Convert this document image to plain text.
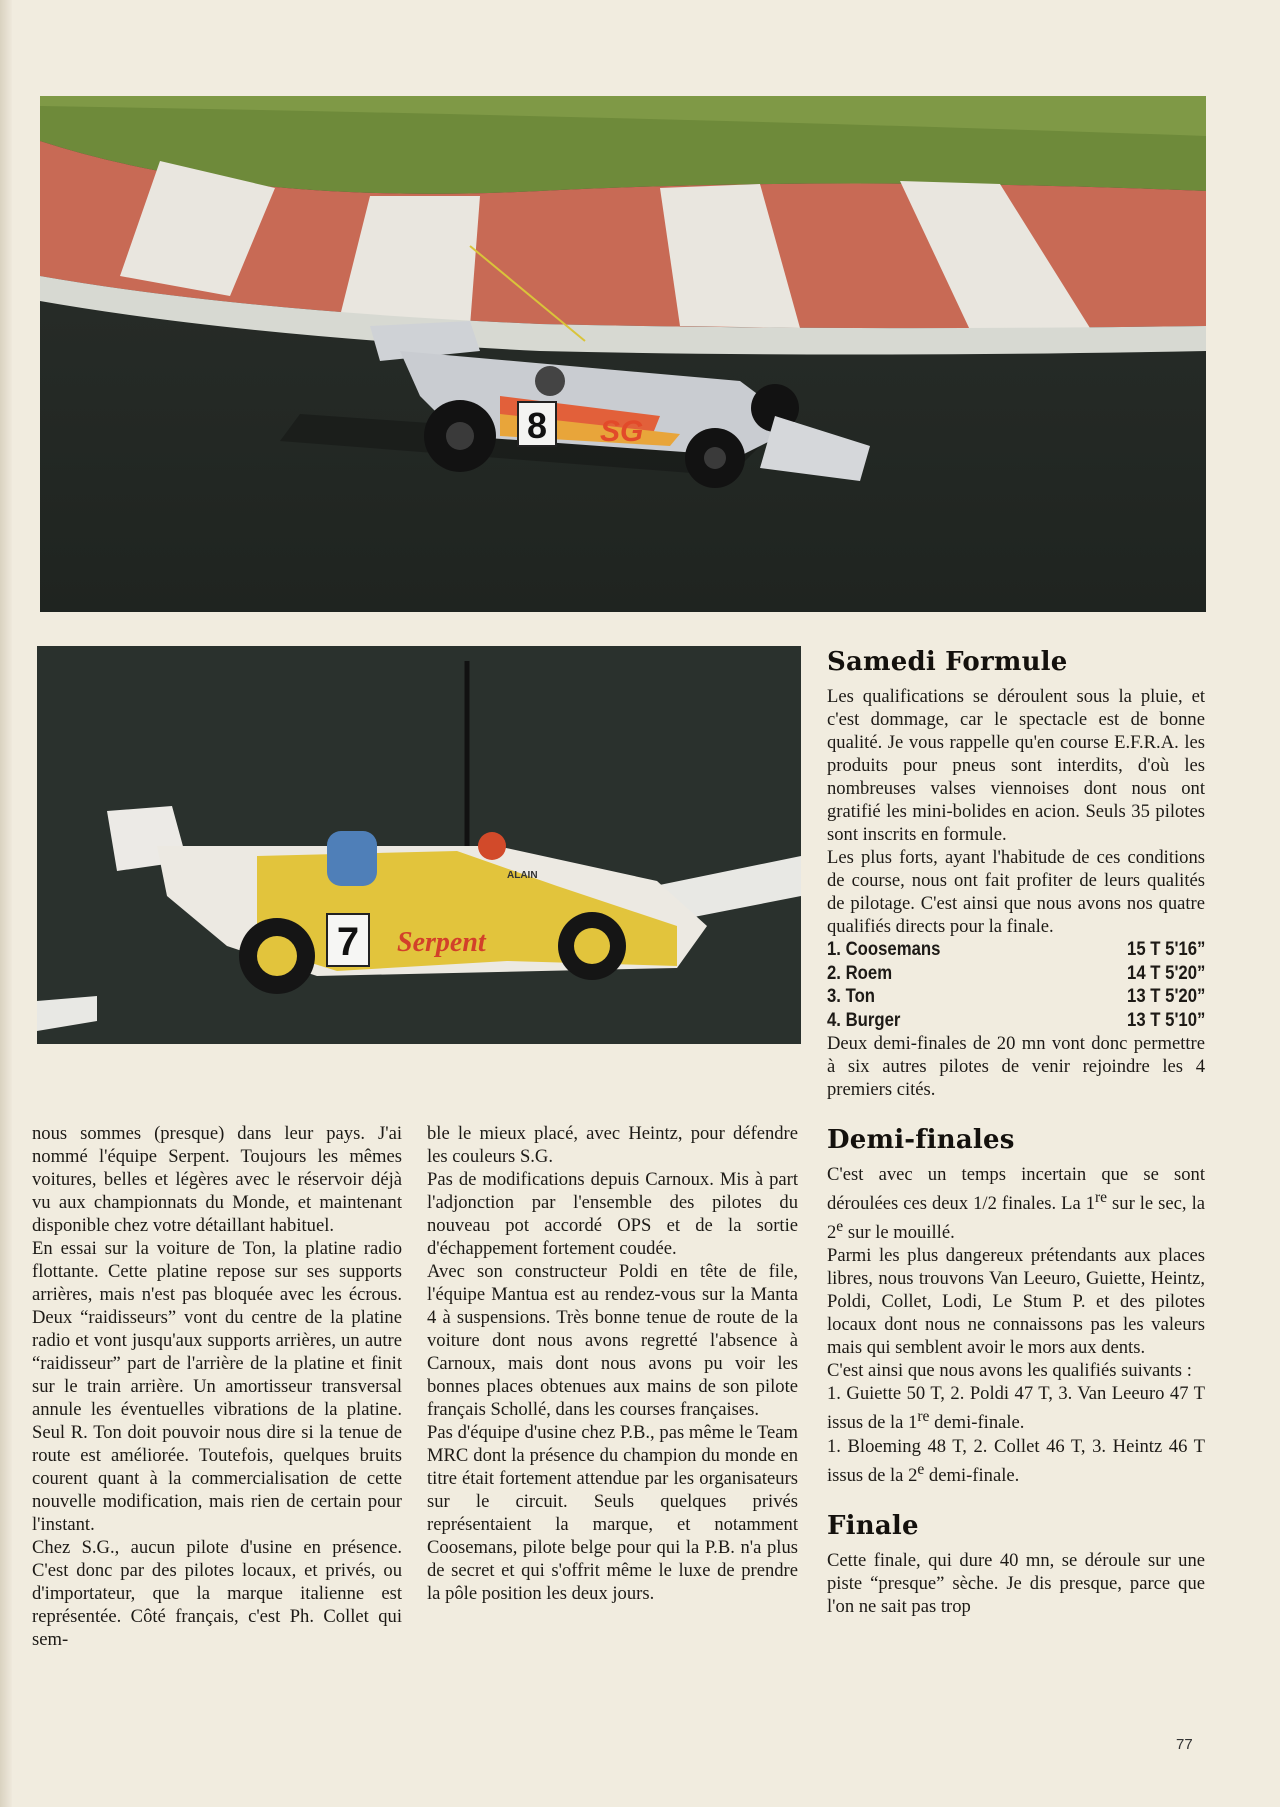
8 SG
7 Serpent
ALAIN

nous sommes (presque) dans leur pays. J'ai nommé l'équipe Serpent. Toujours les mêmes voitures, belles et légères avec le réservoir déjà vu aux championnats du Monde, et maintenant disponible chez votre détaillant habituel.

En essai sur la voiture de Ton, la platine radio flottante. Cette platine repose sur ses supports arrières, mais n'est pas bloquée avec les écrous. Deux “raidisseurs” vont du centre de la platine radio et vont jusqu'aux supports arrières, un autre “raidisseur” part de l'arrière de la platine et finit sur le train arrière. Un amortisseur transversal annule les éventuelles vibrations de la platine. Seul R. Ton doit pouvoir nous dire si la tenue de route est améliorée. Toutefois, quelques bruits courent quant à la commercialisation de cette nouvelle modification, mais rien de certain pour l'instant.

Chez S.G., aucun pilote d'usine en présence. C'est donc par des pilotes locaux, et privés, ou d'importateur, que la marque italienne est représentée. Côté français, c'est Ph. Collet qui sem-

ble le mieux placé, avec Heintz, pour défendre les couleurs S.G.

Pas de modifications depuis Carnoux. Mis à part l'adjonction par l'ensemble des pilotes du nouveau pot accordé OPS et de la sortie d'échappement fortement coudée.

Avec son constructeur Poldi en tête de file, l'équipe Mantua est au rendez-vous sur la Manta 4 à suspensions. Très bonne tenue de route de la voiture dont nous avons regretté l'absence à Carnoux, mais dont nous avons pu voir les bonnes places obtenues aux mains de son pilote français Schollé, dans les courses françaises.

Pas d'équipe d'usine chez P.B., pas même le Team MRC dont la présence du champion du monde en titre était fortement attendue par les organisateurs sur le circuit. Seuls quelques privés représentaient la marque, et notamment Coosemans, pilote belge pour qui la P.B. n'a plus de secret et qui s'offrit même le luxe de prendre la pôle position les deux jours.

Samedi Formule

Les qualifications se déroulent sous la pluie, et c'est dommage, car le spectacle est de bonne qualité. Je vous rappelle qu'en course E.F.R.A. les produits pour pneus sont interdits, d'où les nombreuses valses viennoises dont nous ont gratifié les mini-bolides en acion. Seuls 35 pilotes sont inscrits en formule.

Les plus forts, ayant l'habitude de ces conditions de course, nous ont fait profiter de leurs qualités de pilotage. C'est ainsi que nous avons nos quatre qualifiés directs pour la finale.

1. Coosemans	15 T 5'16”
2. Roem	14 T 5'20”
3. Ton	13 T 5'20”
4. Burger	13 T 5'10”

Deux demi-finales de 20 mn vont donc permettre à six autres pilotes de venir rejoindre les 4 premiers cités.

Demi-finales

C'est avec un temps incertain que se sont déroulées ces deux 1/2 finales. La 1re sur le sec, la 2e sur le mouillé.

Parmi les plus dangereux prétendants aux places libres, nous trouvons Van Leeuro, Guiette, Heintz, Poldi, Collet, Lodi, Le Stum P. et des pilotes locaux dont nous ne connaissons pas les valeurs mais qui semblent avoir le mors aux dents.

C'est ainsi que nous avons les qualifiés suivants :

1. Guiette 50 T, 2. Poldi 47 T, 3. Van Leeuro 47 T issus de la 1re demi-finale.

1. Bloeming 48 T, 2. Collet 46 T, 3. Heintz 46 T issus de la 2e demi-finale.

Finale

Cette finale, qui dure 40 mn, se déroule sur une piste “presque” sèche. Je dis presque, parce que l'on ne sait pas trop

77
